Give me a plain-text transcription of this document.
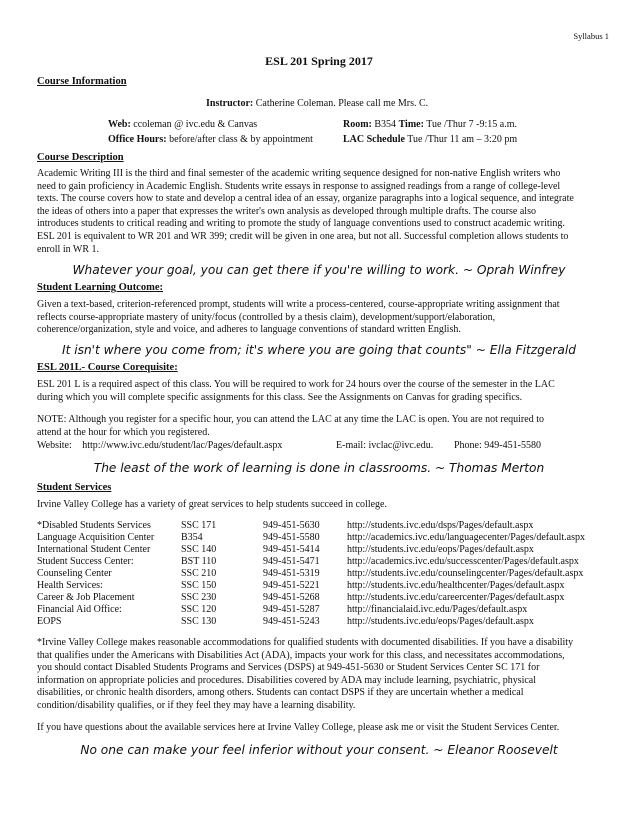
Syllabus 1
ESL 201 Spring 2017
Course Information
Instructor: Catherine Coleman. Please call me Mrs. C.
Web: ccoleman @ ivc.edu & Canvas	Room: B354 Time: Tue /Thur 7 -9:15 a.m.
Office Hours: before/after class & by appointment	LAC Schedule Tue /Thur 11 am – 3:20 pm
Course Description
Academic Writing III is the third and final semester of the academic writing sequence designed for non-native English writers who
need to gain proficiency in Academic English. Students write essays in response to assigned readings from a range of college-level
texts. The course covers how to state and develop a central idea of an essay, organize paragraphs into a logical sequence, and integrate
the ideas of others into a paper that expresses the writer's own analysis as developed through multiple drafts. The course also
introduces students to critical reading and writing to promote the study of language conventions used to construct academic writing.
ESL 201 is equivalent to WR 201 and WR 399; credit will be given in one area, but not all. Successful completion allows students to
enroll in WR 1.
Whatever your goal, you can get there if you're willing to work. ~ Oprah Winfrey
Student Learning Outcome:
Given a text-based, criterion-referenced prompt, students will write a process-centered, course-appropriate writing assignment that
reflects course-appropriate mastery of unity/focus (controlled by a thesis claim), development/support/elaboration,
coherence/organization, style and voice, and adheres to language conventions of standard written English.
It isn't where you come from; it's where you are going that counts" ~ Ella Fitzgerald
ESL 201L- Course Corequisite:
ESL 201 L is a required aspect of this class. You will be required to work for 24 hours over the course of the semester in the LAC
during which you will complete specific assignments for this class. See the Assignments on Canvas for grading specifics.
NOTE: Although you register for a specific hour, you can attend the LAC at any time the LAC is open. You are not required to
attend at the hour for which you registered.
Website: http://www.ivc.edu/student/lac/Pages/default.aspx	E-mail: ivclac@ivc.edu. Phone: 949-451-5580
The least of the work of learning is done in classrooms. ~ Thomas Merton
Student Services
Irvine Valley College has a variety of great services to help students succeed in college.
*Disabled Students Services	SSC 171	949-451-5630	http://students.ivc.edu/dsps/Pages/default.aspx
Language Acquisition Center	B354	949-451-5580	http://academics.ivc.edu/languagecenter/Pages/default.aspx
International Student Center	SSC 140	949-451-5414	http://students.ivc.edu/eops/Pages/default.aspx
Student Success Center:	BST 110	949-451-5471	http://academics.ivc.edu/successcenter/Pages/default.aspx
Counseling Center	SSC 210	949-451-5319	http://students.ivc.edu/counselingcenter/Pages/default.aspx
Health Services:	SSC 150	949-451-5221	http://students.ivc.edu/healthcenter/Pages/default.aspx
Career & Job Placement	SSC 230	949-451-5268	http://students.ivc.edu/careercenter/Pages/default.aspx
Financial Aid Office:	SSC 120	949-451-5287	http://financialaid.ivc.edu/Pages/default.aspx
EOPS	SSC 130	949-451-5243	http://students.ivc.edu/eops/Pages/default.aspx
*Irvine Valley College makes reasonable accommodations for qualified students with documented disabilities. If you have a disability
that qualifies under the Americans with Disabilities Act (ADA), impacts your work for this class, and necessitates accommodations,
you should contact Disabled Students Programs and Services (DSPS) at 949-451-5630 or Student Services Center SC 171 for
information on appropriate policies and procedures. Disabilities covered by ADA may include learning, psychiatric, physical
disabilities, or chronic health disorders, among others. Students can contact DSPS if they are uncertain whether a medical
condition/disability qualifies, or if they feel they may have a learning disability.
If you have questions about the available services here at Irvine Valley College, please ask me or visit the Student Services Center.
No one can make your feel inferior without your consent. ~ Eleanor Roosevelt
